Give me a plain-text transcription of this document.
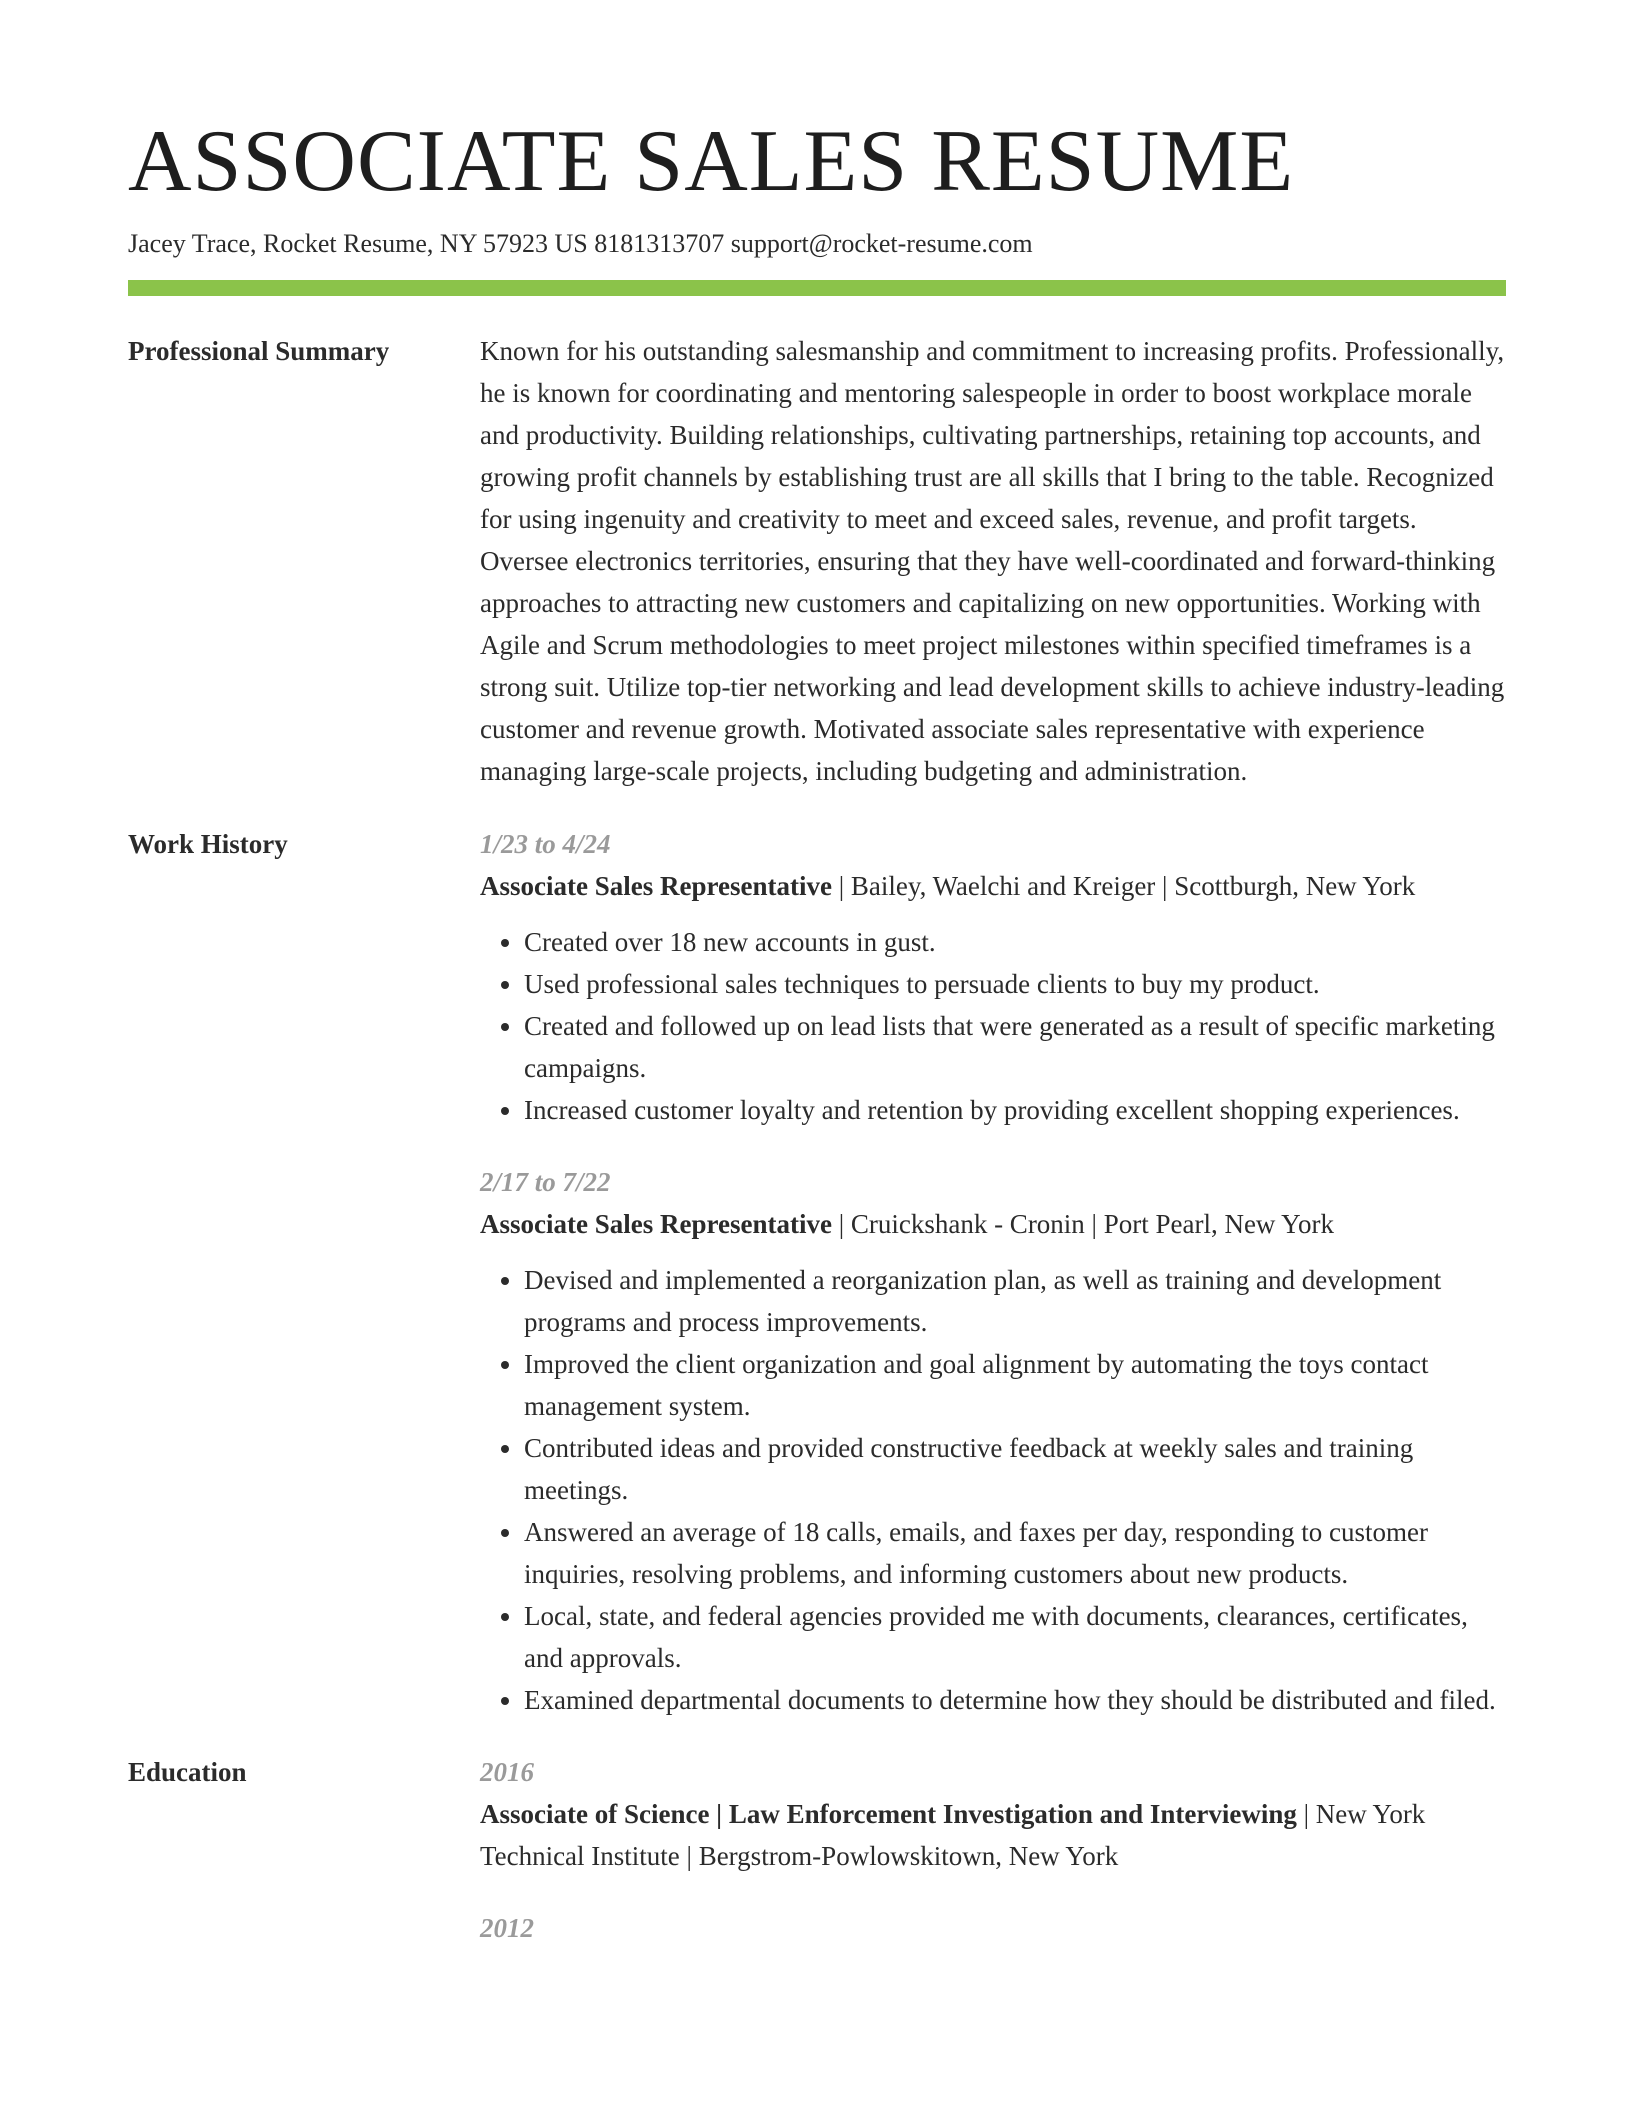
ASSOCIATE SALES RESUME
Jacey Trace, Rocket Resume, NY 57923 US 8181313707 support@rocket-resume.com
Professional Summary	Known for his outstanding salesmanship and commitment to increasing profits. Professionally, he is known for coordinating and mentoring salespeople in order to boost workplace morale and productivity. Building relationships, cultivating partnerships, retaining top accounts, and growing profit channels by establishing trust are all skills that I bring to the table. Recognized for using ingenuity and creativity to meet and exceed sales, revenue, and profit targets. Oversee electronics territories, ensuring that they have well-coordinated and forward-thinking approaches to attracting new customers and capitalizing on new opportunities. Working with Agile and Scrum methodologies to meet project milestones within specified timeframes is a strong suit. Utilize top-tier networking and lead development skills to achieve industry-leading customer and revenue growth. Motivated associate sales representative with experience managing large-scale projects, including budgeting and administration.

Work History	1/23 to 4/24
Associate Sales Representative | Bailey, Waelchi and Kreiger | Scottburgh, New York
• Created over 18 new accounts in gust.
• Used professional sales techniques to persuade clients to buy my product.
• Created and followed up on lead lists that were generated as a result of specific marketing campaigns.
• Increased customer loyalty and retention by providing excellent shopping experiences.
2/17 to 7/22
Associate Sales Representative | Cruickshank - Cronin | Port Pearl, New York
• Devised and implemented a reorganization plan, as well as training and development programs and process improvements.
• Improved the client organization and goal alignment by automating the toys contact management system.
• Contributed ideas and provided constructive feedback at weekly sales and training meetings.
• Answered an average of 18 calls, emails, and faxes per day, responding to customer inquiries, resolving problems, and informing customers about new products.
• Local, state, and federal agencies provided me with documents, clearances, certificates, and approvals.
• Examined departmental documents to determine how they should be distributed and filed.
Education	2016
Associate of Science | Law Enforcement Investigation and Interviewing | New York Technical Institute | Bergstrom-Powlowskitown, New York
2012
